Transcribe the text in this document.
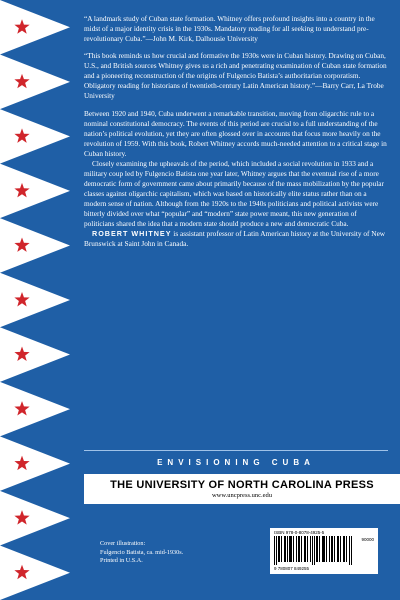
“A landmark study of Cuban state formation. Whitney offers profound insights into a country in the midst of a major identity crisis in the 1930s. Mandatory reading for all seeking to understand pre-revolutionary Cuba.”—John M. Kirk, Dalhousie University

“This book reminds us how crucial and formative the 1930s were in Cuban history. Drawing on Cuban, U.S., and British sources Whitney gives us a rich and penetrating examination of Cuban state formation and a pioneering reconstruction of the origins of Fulgencio Batista’s authoritarian corporatism. Obligatory reading for historians of twentieth-century Latin American history.”—Barry Carr, La Trobe University

Between 1920 and 1940, Cuba underwent a remarkable transition, moving from oligarchic rule to a nominal constitutional democracy. The events of this period are crucial to a full understanding of the nation’s political evolution, yet they are often glossed over in accounts that focus more heavily on the revolution of 1959. With this book, Robert Whitney accords much-needed attention to a critical stage in Cuban history.

Closely examining the upheavals of the period, which included a social revolution in 1933 and a military coup led by Fulgencio Batista one year later, Whitney argues that the eventual rise of a more democratic form of government came about primarily because of the mass mobilization by the popular classes against oligarchic capitalism, which was based on historically elite status rather than on a modern sense of nation. Although from the 1920s to the 1940s politicians and political activists were bitterly divided over what “popular” and “modern” state power meant, this new generation of politicians shared the idea that a modern state should produce a new and democratic Cuba.

ROBERT WHITNEY is assistant professor of Latin American history at the University of New Brunswick at Saint John in Canada.

ENVISIONING CUBA
THE UNIVERSITY OF NORTH CAROLINA PRESS
www.uncpress.unc.edu
Cover illustration:
Fulgencio Batista, ca. mid-1930s.
Printed in U.S.A.
ISBN 978-0-8078-4925-5
90000
9 780807 849255
